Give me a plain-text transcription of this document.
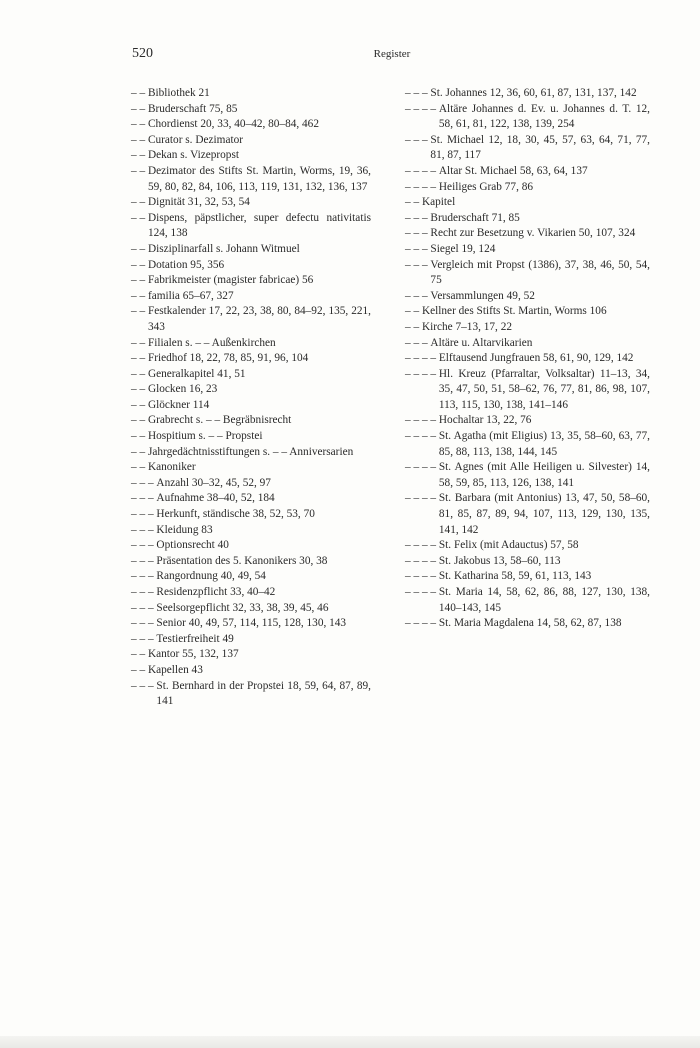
520	Register
– – Bibliothek 21
– – Bruderschaft 75, 85
– – Chordienst 20, 33, 40–42, 80–84, 462
– – Curator s. Dezimator
– – Dekan s. Vizepropst
– – Dezimator des Stifts St. Martin, Worms, 19, 36, 59, 80, 82, 84, 106, 113, 119, 131, 132, 136, 137
– – Dignität 31, 32, 53, 54
– – Dispens, päpstlicher, super defectu nativitatis 124, 138
– – Disziplinarfall s. Johann Witmuel
– – Dotation 95, 356
– – Fabrikmeister (magister fabricae) 56
– – familia 65–67, 327
– – Festkalender 17, 22, 23, 38, 80, 84–92, 135, 221, 343
– – Filialen s. – – Außenkirchen
– – Friedhof 18, 22, 78, 85, 91, 96, 104
– – Generalkapitel 41, 51
– – Glocken 16, 23
– – Glöckner 114
– – Grabrecht s. – – Begräbnisrecht
– – Hospitium s. – – Propstei
– – Jahrgedächtnisstiftungen s. – – Anniversarien
– – Kanoniker
– – – Anzahl 30–32, 45, 52, 97
– – – Aufnahme 38–40, 52, 184
– – – Herkunft, ständische 38, 52, 53, 70
– – – Kleidung 83
– – – Optionsrecht 40
– – – Präsentation des 5. Kanonikers 30, 38
– – – Rangordnung 40, 49, 54
– – – Residenzpflicht 33, 40–42
– – – Seelsorgepflicht 32, 33, 38, 39, 45, 46
– – – Senior 40, 49, 57, 114, 115, 128, 130, 143
– – – Testierfreiheit 49
– – Kantor 55, 132, 137
– – Kapellen 43
– – – St. Bernhard in der Propstei 18, 59, 64, 87, 89, 141
– – – St. Johannes 12, 36, 60, 61, 87, 131, 137, 142
– – – – Altäre Johannes d. Ev. u. Johannes d. T. 12, 58, 61, 81, 122, 138, 139, 254
– – – St. Michael 12, 18, 30, 45, 57, 63, 64, 71, 77, 81, 87, 117
– – – – Altar St. Michael 58, 63, 64, 137
– – – – Heiliges Grab 77, 86
– – Kapitel
– – – Bruderschaft 71, 85
– – – Recht zur Besetzung v. Vikarien 50, 107, 324
– – – Siegel 19, 124
– – – Vergleich mit Propst (1386), 37, 38, 46, 50, 54, 75
– – – Versammlungen 49, 52
– – Kellner des Stifts St. Martin, Worms 106
– – Kirche 7–13, 17, 22
– – – Altäre u. Altarvikarien
– – – – Elftausend Jungfrauen 58, 61, 90, 129, 142
– – – – Hl. Kreuz (Pfarraltar, Volksaltar) 11–13, 34, 35, 47, 50, 51, 58–62, 76, 77, 81, 86, 98, 107, 113, 115, 130, 138, 141–146
– – – – Hochaltar 13, 22, 76
– – – – St. Agatha (mit Eligius) 13, 35, 58–60, 63, 77, 85, 88, 113, 138, 144, 145
– – – – St. Agnes (mit Alle Heiligen u. Silvester) 14, 58, 59, 85, 113, 126, 138, 141
– – – – St. Barbara (mit Antonius) 13, 47, 50, 58–60, 81, 85, 87, 89, 94, 107, 113, 129, 130, 135, 141, 142
– – – – St. Felix (mit Adauctus) 57, 58
– – – – St. Jakobus 13, 58–60, 113
– – – – St. Katharina 58, 59, 61, 113, 143
– – – – St. Maria 14, 58, 62, 86, 88, 127, 130, 138, 140–143, 145
– – – – St. Maria Magdalena 14, 58, 62, 87, 138
